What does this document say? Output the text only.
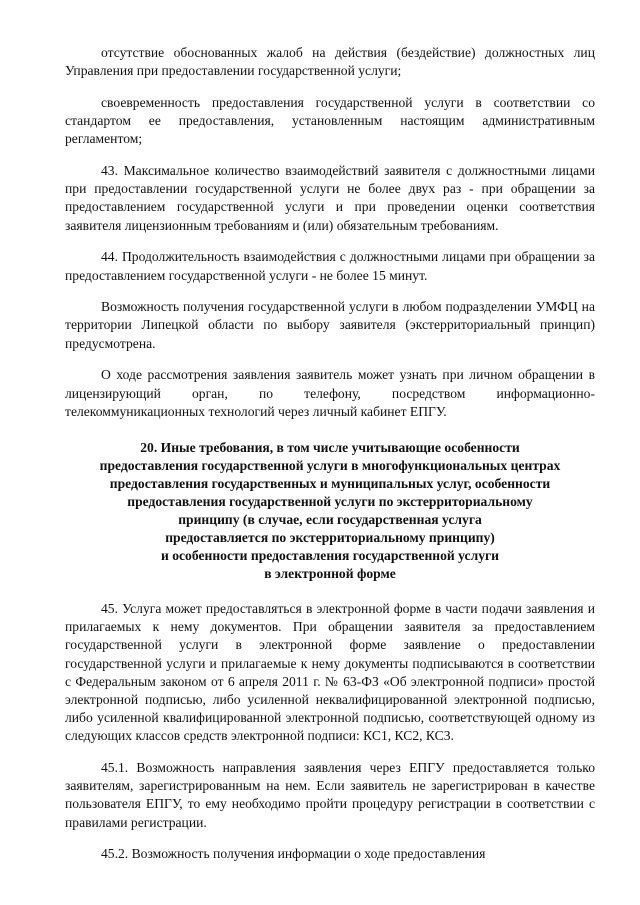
отсутствие обоснованных жалоб на действия (бездействие) должностных лиц Управления при предоставлении государственной услуги;

своевременность предоставления государственной услуги в соответствии со стандартом ее предоставления, установленным настоящим административным регламентом;

43. Максимальное количество взаимодействий заявителя с должностными лицами при предоставлении государственной услуги не более двух раз - при обращении за предоставлением государственной услуги и при проведении оценки соответствия заявителя лицензионным требованиям и (или) обязательным требованиям.

44. Продолжительность взаимодействия с должностными лицами при обращении за предоставлением государственной услуги - не более 15 минут.

Возможность получения государственной услуги в любом подразделении УМФЦ на территории Липецкой области по выбору заявителя (экстерриториальный принцип) предусмотрена.

О ходе рассмотрения заявления заявитель может узнать при личном обращении в лицензирующий орган, по телефону, посредством информационно-телекоммуникационных технологий через личный кабинет ЕПГУ.

20. Иные требования, в том числе учитывающие особенности
предоставления государственной услуги в многофункциональных центрах
предоставления государственных и муниципальных услуг, особенности
предоставления государственной услуги по экстерриториальному
принципу (в случае, если государственная услуга
предоставляется по экстерриториальному принципу)
и особенности предоставления государственной услуги
в электронной форме

45. Услуга может предоставляться в электронной форме в части подачи заявления и прилагаемых к нему документов. При обращении заявителя за предоставлением государственной услуги в электронной форме заявление о предоставлении государственной услуги и прилагаемые к нему документы подписываются в соответствии с Федеральным законом от 6 апреля 2011 г. № 63-ФЗ «Об электронной подписи» простой электронной подписью, либо усиленной неквалифицированной электронной подписью, либо усиленной квалифицированной электронной подписью, соответствующей одному из следующих классов средств электронной подписи: КС1, КС2, КС3.

45.1. Возможность направления заявления через ЕПГУ предоставляется только заявителям, зарегистрированным на нем. Если заявитель не зарегистрирован в качестве пользователя ЕПГУ, то ему необходимо пройти процедуру регистрации в соответствии с правилами регистрации.

45.2. Возможность получения информации о ходе предоставления
